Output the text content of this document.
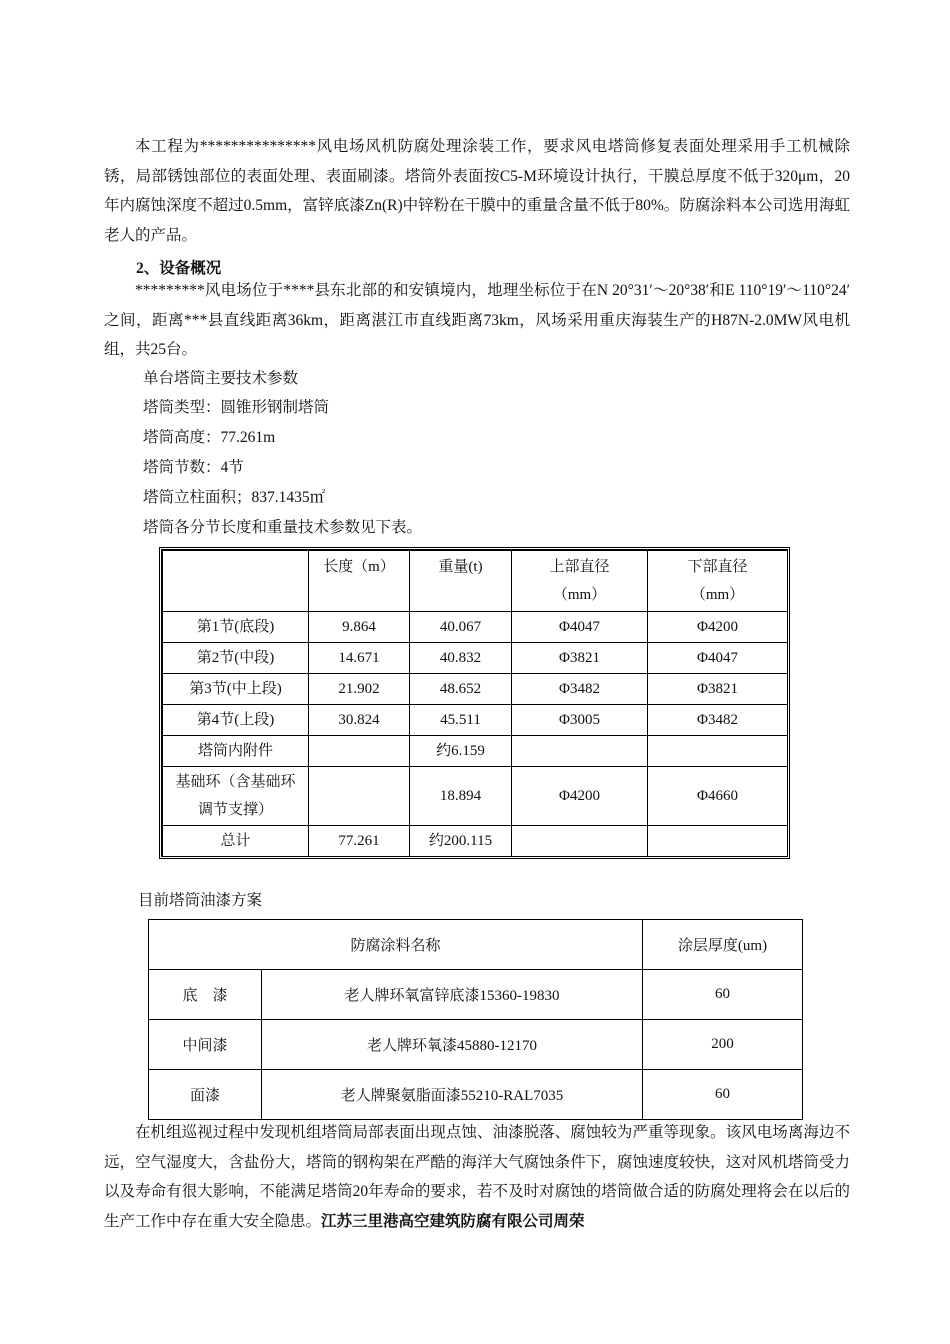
本工程为***************风电场风机防腐处理涂装工作，要求风电塔筒修复表面处理采用手工机械除锈，局部锈蚀部位的表面处理、表面刷漆。塔筒外表面按C5-M环境设计执行，干膜总厚度不低于320μm，20年内腐蚀深度不超过0.5mm，富锌底漆Zn(R)中锌粉在干膜中的重量含量不低于80%。防腐涂料本公司选用海虹老人的产品。

2、设备概况

*********风电场位于****县东北部的和安镇境内，地理坐标位于在N 20°31′～20°38′和E 110°19′～110°24′之间，距离***县直线距离36km，距离湛江市直线距离73km，风场采用重庆海装生产的H87N-2.0MW风电机组，共25台。

单台塔筒主要技术参数

塔筒类型：圆锥形钢制塔筒

塔筒高度：77.261m

塔筒节数：4节

塔筒立柱面积；837.1435㎡

塔筒各分节长度和重量技术参数见下表。

	长度（m）	重量(t)	上部直径（mm）	下部直径（mm）
第1节(底段)	9.864	40.067	Φ4047	Φ4200
第2节(中段)	14.671	40.832	Φ3821	Φ4047
第3节(中上段)	21.902	48.652	Φ3482	Φ3821
第4节(上段)	30.824	45.511	Φ3005	Φ3482
塔筒内附件		约6.159		
基础环（含基础环调节支撑）		18.894	Φ4200	Φ4660
总计	77.261	约200.115		

目前塔筒油漆方案

防腐涂料名称		涂层厚度(um)
底　漆	老人牌环氧富锌底漆15360-19830	60
中间漆	老人牌环氧漆45880-12170	200
面漆	老人牌聚氨脂面漆55210-RAL7035	60

在机组巡视过程中发现机组塔筒局部表面出现点蚀、油漆脱落、腐蚀较为严重等现象。该风电场离海边不远，空气湿度大，含盐份大，塔筒的钢构架在严酷的海洋大气腐蚀条件下，腐蚀速度较快，这对风机塔筒受力以及寿命有很大影响，不能满足塔筒20年寿命的要求，若不及时对腐蚀的塔筒做合适的防腐处理将会在以后的生产工作中存在重大安全隐患。江苏三里港高空建筑防腐有限公司周荣
